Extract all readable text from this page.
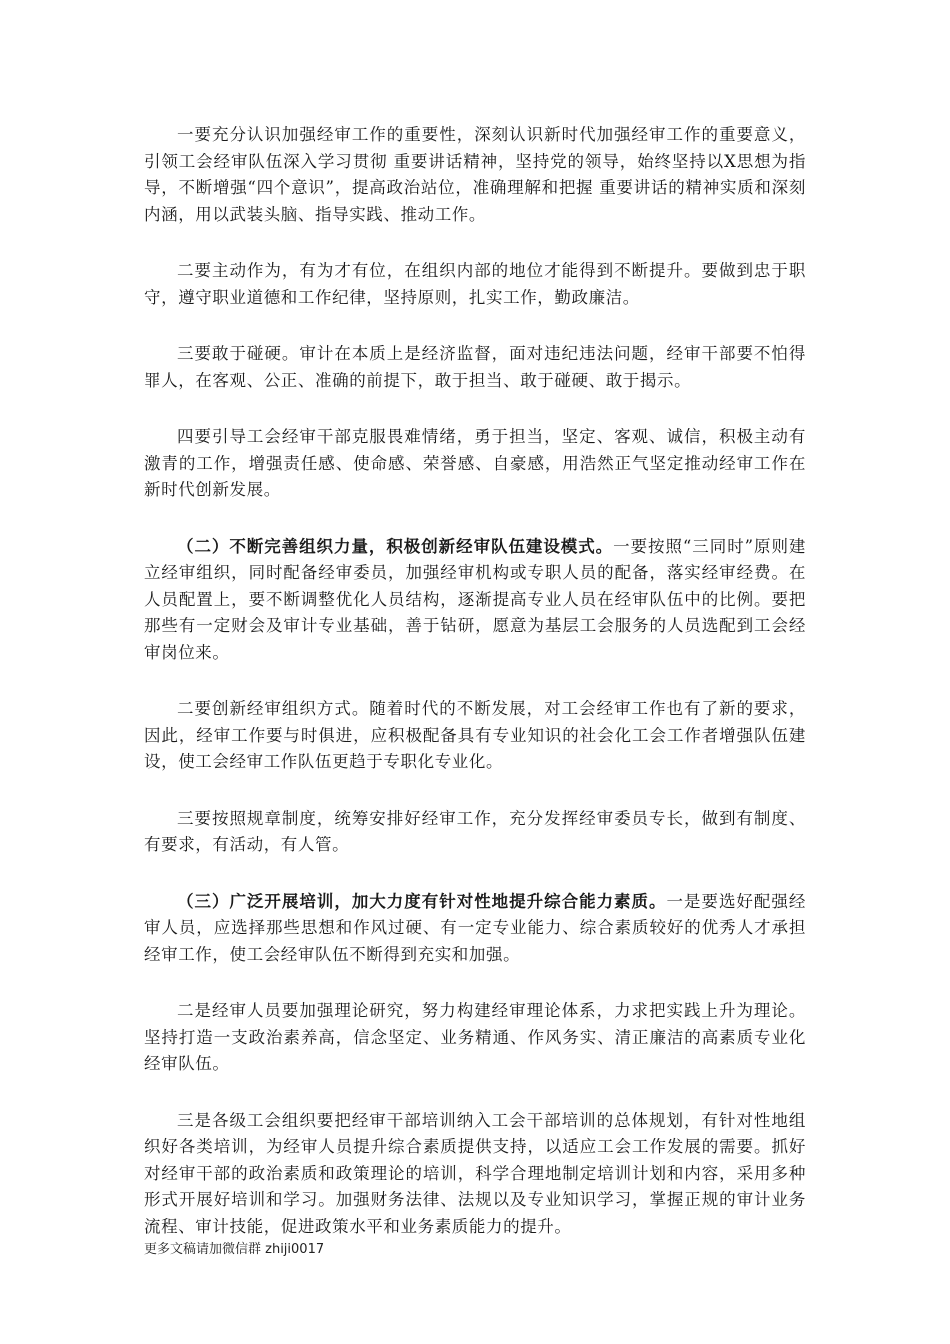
一要充分认识加强经审工作的重要性，深刻认识新时代加强经审工作的重要意义，引领工会经审队伍深入学习贯彻 重要讲话精神，坚持党的领导，始终坚持以X思想为指导，不断增强“四个意识”，提高政治站位，准确理解和把握 重要讲话的精神实质和深刻内涵，用以武装头脑、指导实践、推动工作。

二要主动作为，有为才有位，在组织内部的地位才能得到不断提升。要做到忠于职守，遵守职业道德和工作纪律，坚持原则，扎实工作，勤政廉洁。

三要敢于碰硬。审计在本质上是经济监督，面对违纪违法问题，经审干部要不怕得罪人，在客观、公正、准确的前提下，敢于担当、敢于碰硬、敢于揭示。

四要引导工会经审干部克服畏难情绪，勇于担当，坚定、客观、诚信，积极主动有激青的工作，增强责任感、使命感、荣誉感、自豪感，用浩然正气坚定推动经审工作在新时代创新发展。

（二）不断完善组织力量，积极创新经审队伍建设模式。一要按照“三同时”原则建立经审组织，同时配备经审委员，加强经审机构或专职人员的配备，落实经审经费。在人员配置上，要不断调整优化人员结构，逐渐提高专业人员在经审队伍中的比例。要把那些有一定财会及审计专业基础，善于钻研，愿意为基层工会服务的人员选配到工会经审岗位来。

二要创新经审组织方式。随着时代的不断发展，对工会经审工作也有了新的要求，因此，经审工作要与时俱进，应积极配备具有专业知识的社会化工会工作者增强队伍建设，使工会经审工作队伍更趋于专职化专业化。

三要按照规章制度，统筹安排好经审工作，充分发挥经审委员专长，做到有制度、有要求，有活动，有人管。

（三）广泛开展培训，加大力度有针对性地提升综合能力素质。一是要选好配强经审人员，应选择那些思想和作风过硬、有一定专业能力、综合素质较好的优秀人才承担经审工作，使工会经审队伍不断得到充实和加强。

二是经审人员要加强理论研究，努力构建经审理论体系，力求把实践上升为理论。坚持打造一支政治素养高，信念坚定、业务精通、作风务实、清正廉洁的高素质专业化经审队伍。

三是各级工会组织要把经审干部培训纳入工会干部培训的总体规划，有针对性地组织好各类培训，为经审人员提升综合素质提供支持，以适应工会工作发展的需要。抓好对经审干部的政治素质和政策理论的培训，科学合理地制定培训计划和内容，采用多种形式开展好培训和学习。加强财务法律、法规以及专业知识学习，掌握正规的审计业务流程、审计技能，促进政策水平和业务素质能力的提升。

更多文稿请加微信群 zhiji0017
